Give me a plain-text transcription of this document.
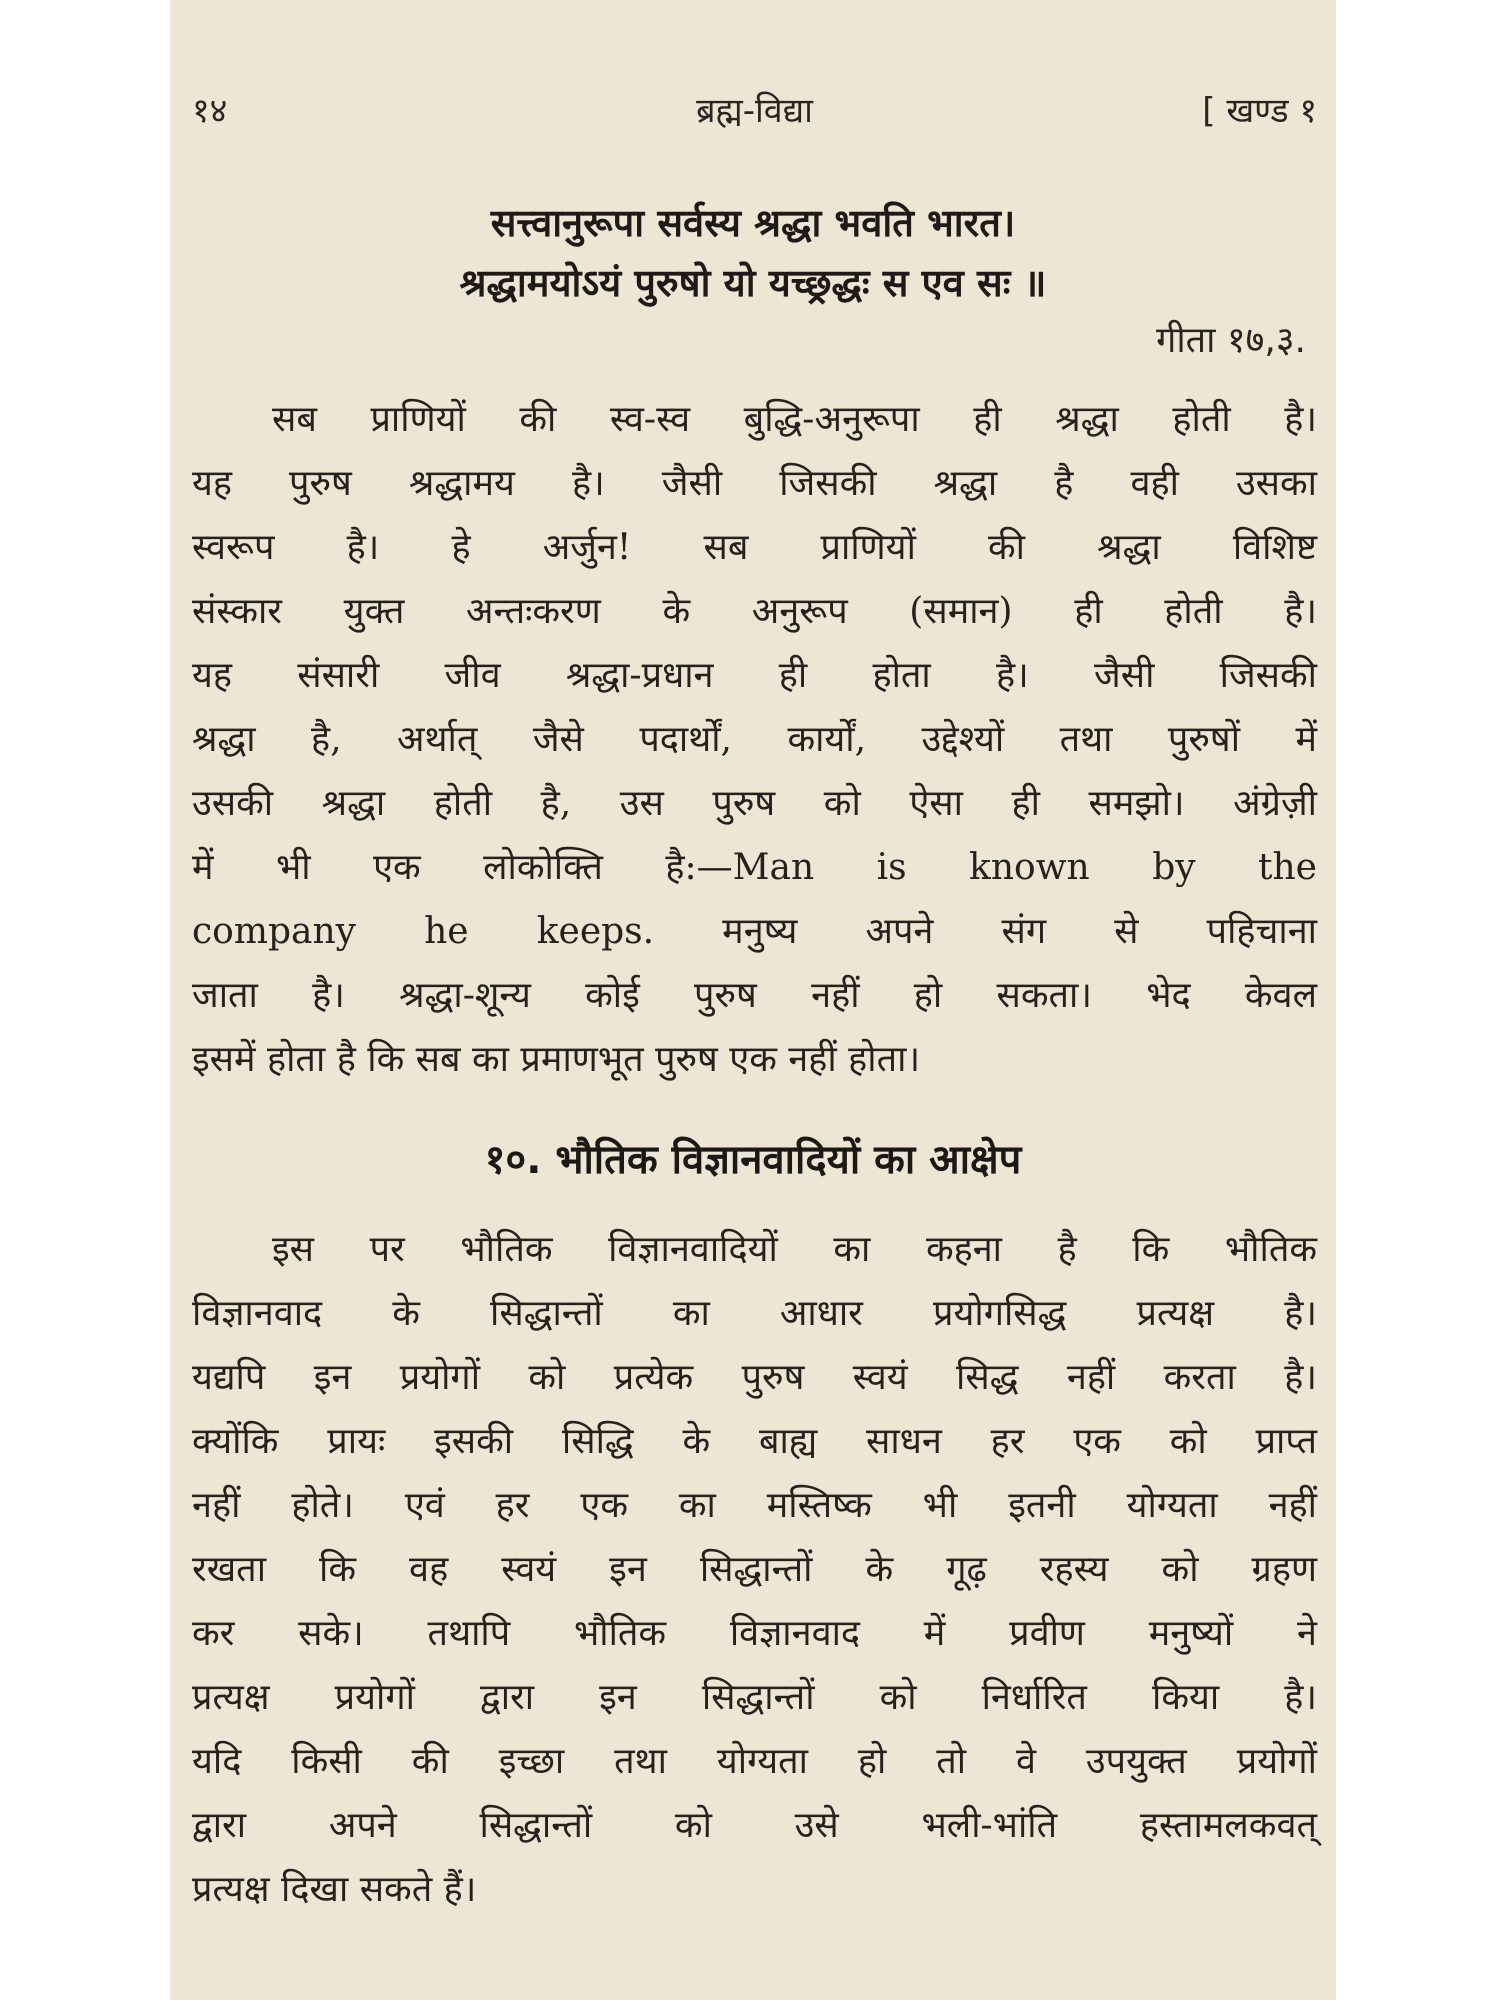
१४	ब्रह्म-विद्या	[ खण्ड १
सत्त्वानुरूपा सर्वस्य श्रद्धा भवति भारत।
श्रद्धामयोऽयं पुरुषो यो यच्छ्रद्धः स एव सः ॥
गीता १७,३.
सब प्राणियों की स्व-स्व बुद्धि-अनुरूपा ही श्रद्धा होती है।
यह पुरुष श्रद्धामय है। जैसी जिसकी श्रद्धा है वही उसका
स्वरूप है। हे अर्जुन! सब प्राणियों की श्रद्धा विशिष्ट
संस्कार युक्त अन्तःकरण के अनुरूप (समान) ही होती है।
यह संसारी जीव श्रद्धा-प्रधान ही होता है। जैसी जिसकी
श्रद्धा है, अर्थात् जैसे पदार्थों, कार्यों, उद्देश्यों तथा पुरुषों में
उसकी श्रद्धा होती है, उस पुरुष को ऐसा ही समझो। अंग्रेज़ी
में भी एक लोकोक्ति है:—Man is known by the
company he keeps. मनुष्य अपने संग से पहिचाना
जाता है। श्रद्धा-शून्य कोई पुरुष नहीं हो सकता। भेद केवल
इसमें होता है कि सब का प्रमाणभूत पुरुष एक नहीं होता।
१०. भौतिक विज्ञानवादियों का आक्षेप
इस पर भौतिक विज्ञानवादियों का कहना है कि भौतिक
विज्ञानवाद के सिद्धान्तों का आधार प्रयोगसिद्ध प्रत्यक्ष है।
यद्यपि इन प्रयोगों को प्रत्येक पुरुष स्वयं सिद्ध नहीं करता है।
क्योंकि प्रायः इसकी सिद्धि के बाह्य साधन हर एक को प्राप्त
नहीं होते। एवं हर एक का मस्तिष्क भी इतनी योग्यता नहीं
रखता कि वह स्वयं इन सिद्धान्तों के गूढ़ रहस्य को ग्रहण
कर सके। तथापि भौतिक विज्ञानवाद में प्रवीण मनुष्यों ने
प्रत्यक्ष प्रयोगों द्वारा इन सिद्धान्तों को निर्धारित किया है।
यदि किसी की इच्छा तथा योग्यता हो तो वे उपयुक्त प्रयोगों
द्वारा अपने सिद्धान्तों को उसे भली-भांति हस्तामलकवत्
प्रत्यक्ष दिखा सकते हैं।
